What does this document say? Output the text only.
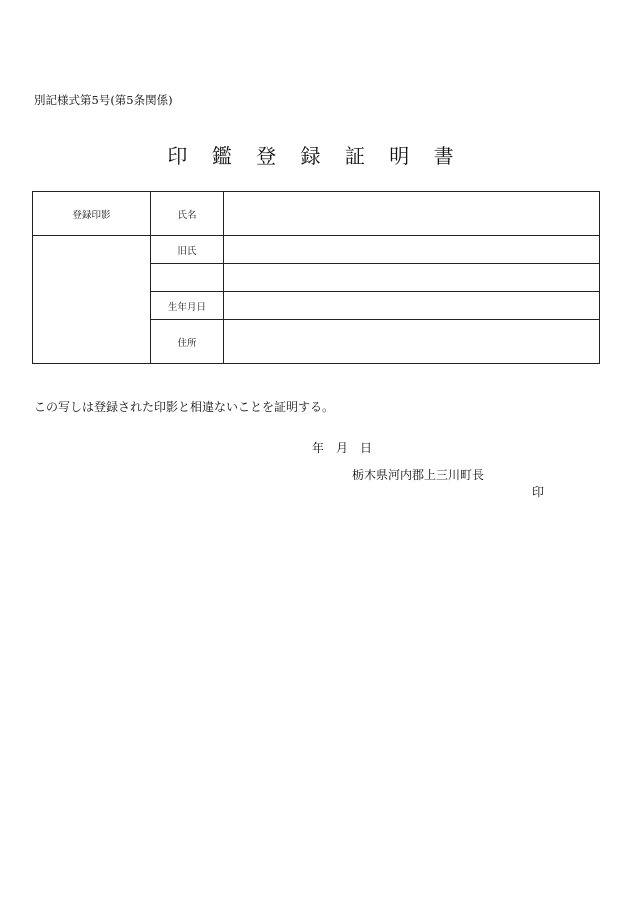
別記様式第5号(第5条関係)
印 鑑 登 録 証 明 書
登録印影	氏名	
	旧氏	

	生年月日	
	住所	
この写しは登録された印影と相違ないことを証明する。
年　月　日
栃木県河内郡上三川町長
印
